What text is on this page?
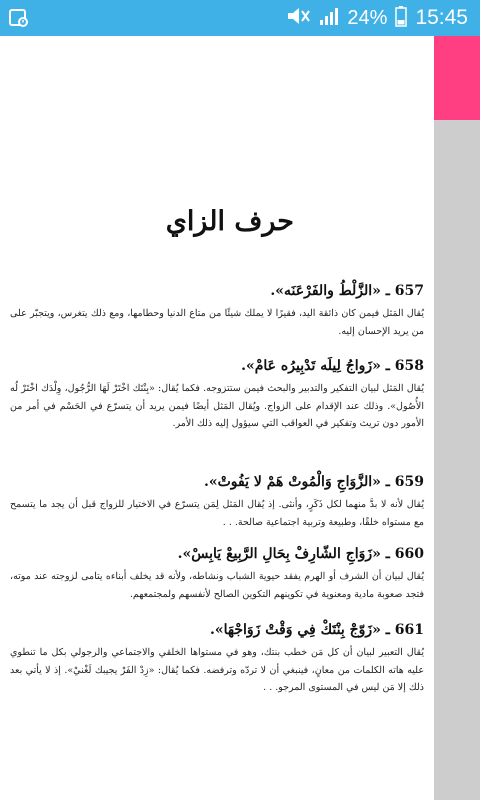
24% 15:45
حرف الزاي

657 ـ «الزَّلْطُ والفَرْعَنَه».

يُقال المَثل فيمن كان ذائقة اليد، فقيرًا لا يملك شيئًا من متاع الدنيا وحطامها، ومع ذلك يتغرس، ويتجبّر على من يريد الإحسان إليه.

658 ـ «زَواجُ لِيلَه تَدْبِيرُه عَامْ».

يُقال المَثل لبيان التفكير والتدبير والبحث فيمن ستتزوجه. فكما يُقال: «بِنْتَك اخْتَرْ لَهَا الرُّجُول، وِلْدَك اخْتَرْ لُه الأُصُول». وذلك عند الإقدام على الزواج. ويُقال المَثل أيضًا فيمن يريد أن يتسرّع في الحَسْم في أمر من الأمور دون تريث وتفكير في العواقب التي سيؤول إليه ذلك الأمر.

659 ـ «الزَّوَاجِ وَالْمُوتْ هَمْ لا يَفُوتْ».

يُقال لأنه لا بدَّ منهما لكل ذَكَرٍ، وأنثى. إذ يُقال المَثل لِمَن يتسرّع في الاختيار للزواج قبل أن يجد ما يتسمح مع مستواه خلقًا، وطبيعة وتربية اجتماعية صالحة. . .

660 ـ «زَوَاجِ الشّارِفْ بِحَالِ الرَّبِيعْ يَابِسْ».

يُقال لبيان أن الشرف أو الهرم يفقد حيوية الشباب ونشاطه، ولأنه قد يخلف أبناءه يتامى لزوجته عند موته، فتجد صعوبة مادية ومعنوية في تكوينهم التكوين الصالح لأنفسهم ولمجتمعهم.

661 ـ «زَوّجْ بِنْتَكْ فِي وَقْتْ زَوَاجْهَا».

يُقال التعبير لبيان أن كل مَن خطب بنتك، وهو في مستواها الخلقي والاجتماعي والرجولي بكل ما تنطوي عليه هاته الكلمات من معانٍ، فينبغي أن لا تردّه وترفضه. فكما يُقال: «زِدْ الفَرْ يجيبك لَغْنيْ». إذ لا يأتي بعد ذلك إلا مَن ليس في المستوى المرجو. . .
